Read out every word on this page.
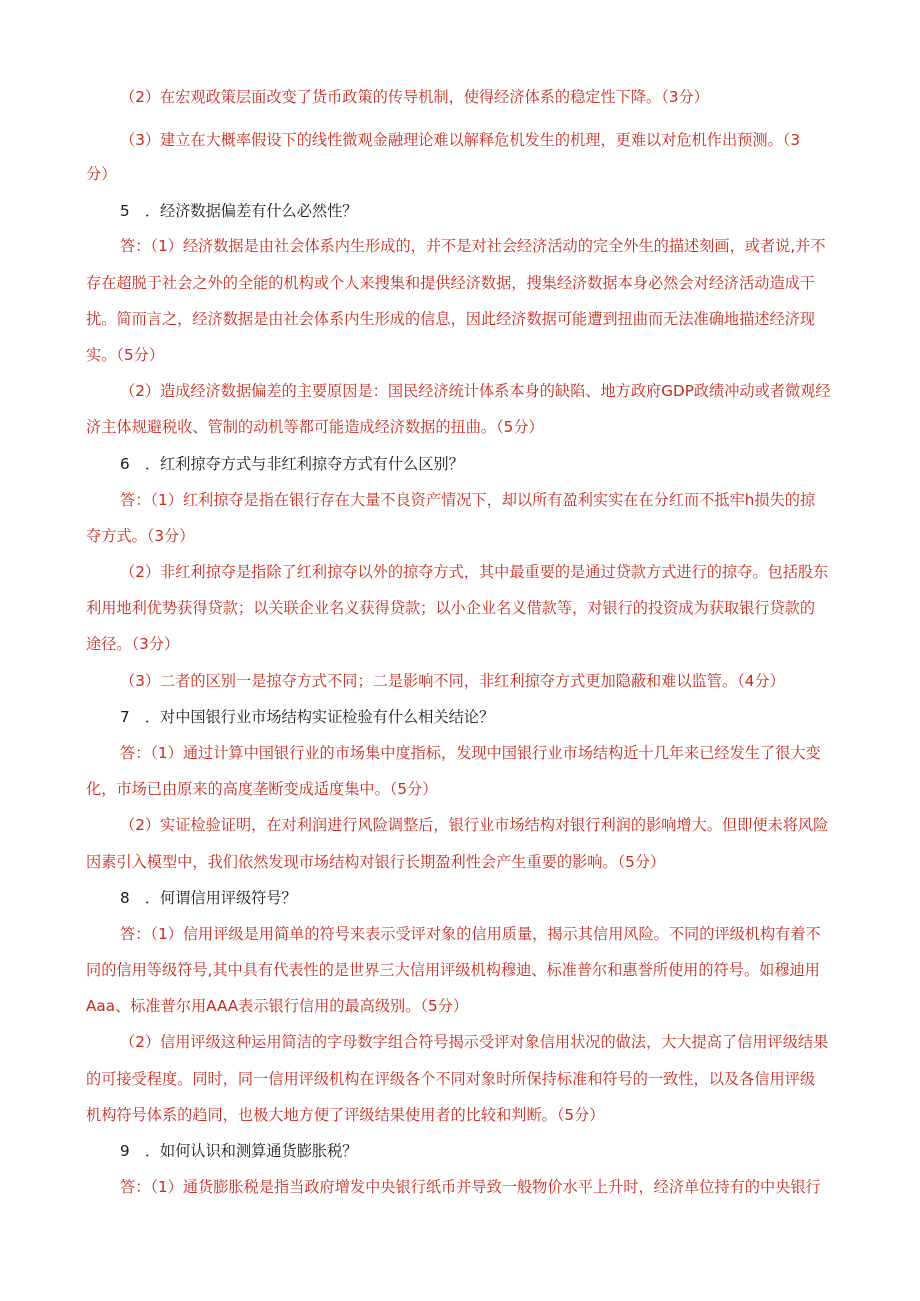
（2）在宏观政策层面改变了货币政策的传导机制，使得经济体系的稳定性下降。（3分）

（3）建立在大概率假设下的线性微观金融理论难以解释危机发生的机理，更难以对危机作出预测。（3

分）

5　．经济数据偏差有什么必然性？

答：（1）经济数据是由社会体系内生形成的，并不是对社会经济活动的完全外生的描述刻画，或者说,并不

存在超脱于社会之外的全能的机构或个人来搜集和提供经济数据，搜集经济数据本身必然会对经济活动造成干

扰。简而言之，经济数据是由社会体系内生形成的信息，因此经济数据可能遭到扭曲而无法准确地描述经济现

实。（5分）

（2）造成经济数据偏差的主要原因是：国民经济统计体系本身的缺陷、地方政府GDP政绩冲动或者微观经

济主体规避税收、管制的动机等都可能造成经济数据的扭曲。（5分）

6　．红利掠夺方式与非红利掠夺方式有什么区别？

答：（1）红利掠夺是指在银行存在大量不良资产情况下，却以所有盈利实实在在分红而不抵牢h损失的掠

夺方式。（3分）

（2）非红利掠夺是指除了红利掠夺以外的掠夺方式，其中最重要的是通过贷款方式进行的掠夺。包括股东

利用地利优势获得贷款；以关联企业名义获得贷款；以小企业名义借款等，对银行的投资成为获取银行贷款的

途径。（3分）

（3）二者的区别一是掠夺方式不同；二是影响不同，非红利掠夺方式更加隐蔽和难以监管。（4分）

7　．对中国银行业市场结构实证检验有什么相关结论？

答：（1）通过计算中国银行业的市场集中度指标，发现中国银行业市场结构近十几年来已经发生了很大变

化，市场已由原来的高度垄断变成适度集中。（5分）

（2）实证检验证明，在对利润进行风险调整后，银行业市场结构对银行利润的影响增大。但即便未将风险

因素引入模型中，我们依然发现市场结构对银行长期盈利性会产生重要的影响。（5分）

8　．何谓信用评级符号？

答：（1）信用评级是用简单的符号来表示受评对象的信用质量，揭示其信用风险。不同的评级机构有着不

同的信用等级符号,其中具有代表性的是世界三大信用评级机构穆迪、标准普尔和惠誉所使用的符号。如穆迪用

Aaa、标准普尔用AAA表示银行信用的最高级别。（5分）

（2）信用评级这种运用简洁的字母数字组合符号揭示受评对象信用状况的做法，大大提高了信用评级结果

的可接受程度。同时，同一信用评级机构在评级各个不同对象时所保持标准和符号的一致性，以及各信用评级

机构符号体系的趋同，也极大地方便了评级结果使用者的比较和判断。（5分）

9　．如何认识和测算通货膨胀税？

答：（1）通货膨胀税是指当政府增发中央银行纸币并导致一般物价水平上升时，经济单位持有的中央银行
